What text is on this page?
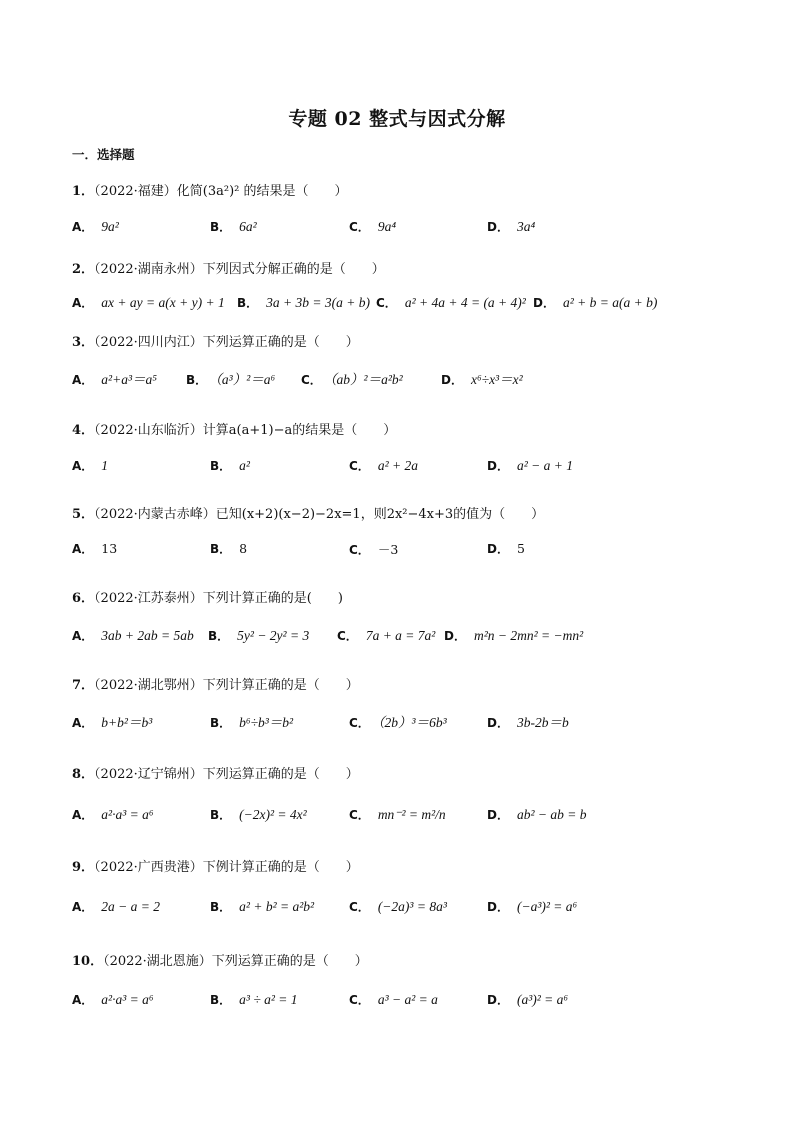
专题 02 整式与因式分解
一．选择题
1．（2022·福建）化简(3a²)² 的结果是（　　）
A． 9a²	B． 6a²	C． 9a⁴	D． 3a⁴
2．（2022·湖南永州）下列因式分解正确的是（　　）
A． ax + ay = a(x + y) + 1 B． 3a + 3b = 3(a + b) C． a² + 4a + 4 = (a + 4)² D． a² + b = a(a + b)
3．（2022·四川内江）下列运算正确的是（　　）
A． a²+a³＝a⁵ B． （a³）²＝a⁶ C． （ab）²＝a²b²	D． x⁶÷x³＝x²
4．（2022·山东临沂）计算a(a+1)−a的结果是（　　）
A． 1	B． a²	C． a² + 2a	D． a² − a + 1
5．（2022·内蒙古赤峰）已知(x+2)(x−2)−2x=1，则2x²−4x+3的值为（　　）
A． 13	B． 8	C． －3	D． 5
6．（2022·江苏泰州）下列计算正确的是(　　)
A． 3ab + 2ab = 5ab B． 5y² − 2y² = 3 C． 7a + a = 7a² D． m²n − 2mn² = −mn²
7．（2022·湖北鄂州）下列计算正确的是（　　）
A． b+b²＝b³	B． b⁶÷b³＝b²	C． （2b）³＝6b³	D． 3b-2b＝b
8．（2022·辽宁锦州）下列运算正确的是（　　）
A． a²·a³ = a⁶	B． (−2x)² = 4x²	C． mn⁻² = m²/n	D． ab² − ab = b
9．（2022·广西贵港）下例计算正确的是（　　）
A． 2a − a = 2	B． a² + b² = a²b²	C． (−2a)³ = 8a³	D． (−a³)² = a⁶
10．（2022·湖北恩施）下列运算正确的是（　　）
A． a²·a³ = a⁶	B． a³ ÷ a² = 1	C． a³ − a² = a	D． (a³)² = a⁶
